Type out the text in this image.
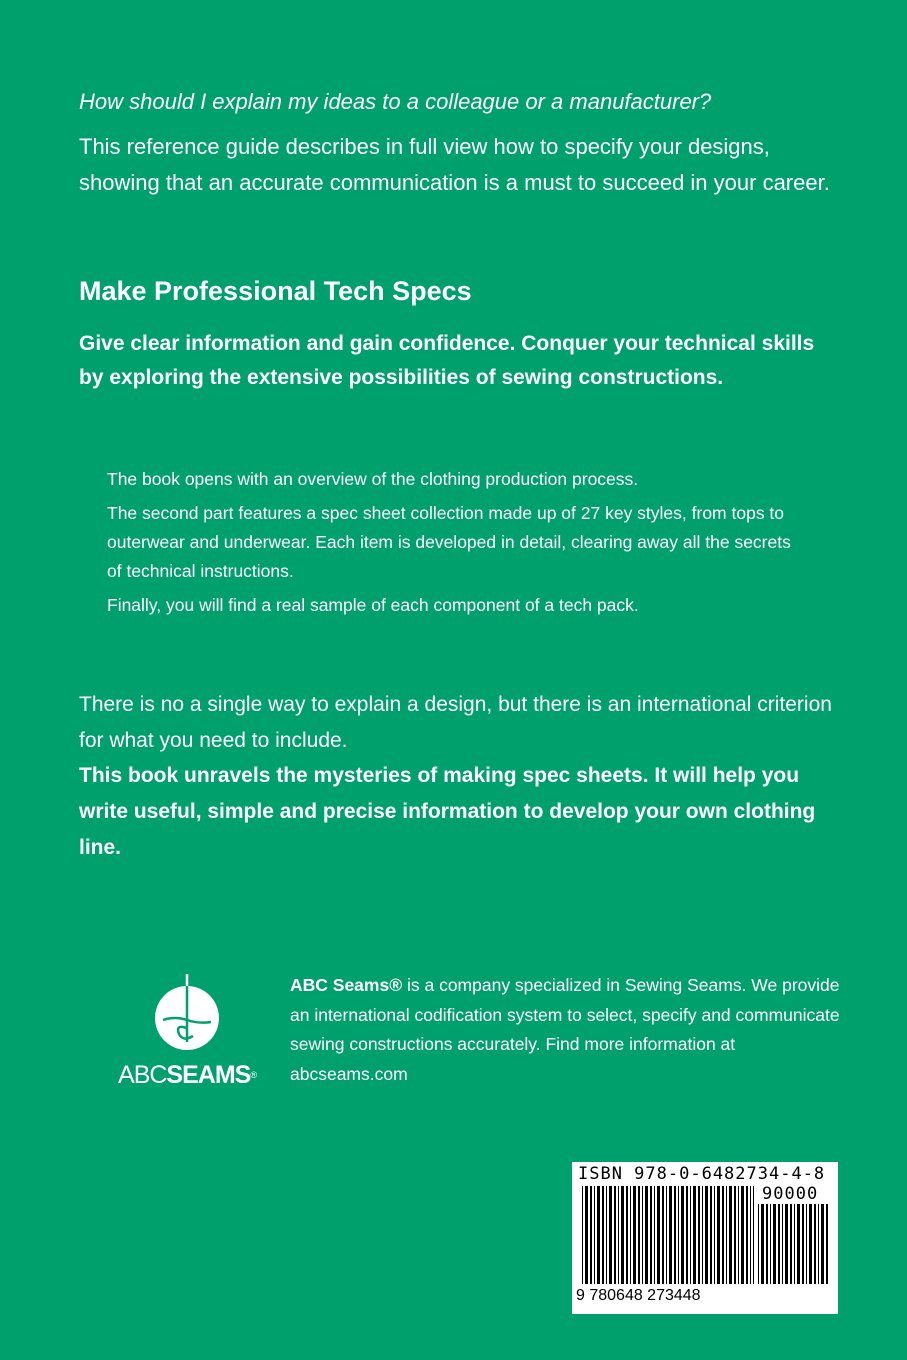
How should I explain my ideas to a colleague or a manufacturer?
This reference guide describes in full view how to specify your designs, showing that an accurate communication is a must to succeed in your career.
Make Professional Tech Specs
Give clear information and gain confidence. Conquer your technical skills by exploring the extensive possibilities of sewing constructions.

The book opens with an overview of the clothing production process.

The second part features a spec sheet collection made up of 27 key styles, from tops to outerwear and underwear. Each item is developed in detail, clearing away all the secrets of technical instructions.

Finally, you will find a real sample of each component of a tech pack.

There is no a single way to explain a design, but there is an international criterion for what you need to include.
This book unravels the mysteries of making spec sheets. It will help you write useful, simple and precise information to develop your own clothing line.
ABCSEAMS®
ABC Seams® is a company specialized in Sewing Seams. We provide an international codification system to select, specify and communicate sewing constructions accurately. Find more information at abcseams.com
ISBN 978-0-6482734-4-8
90000
9 780648 273448
